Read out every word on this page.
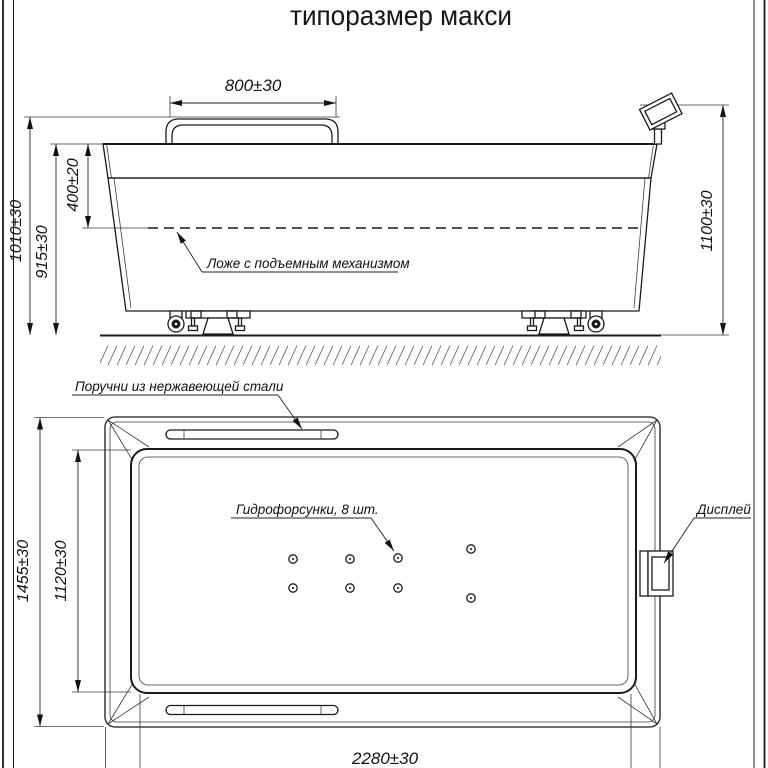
типоразмер макси
800±30
1010±30 915±30
400±20
1100±30
Ложе с подъемным механизмом
1455±30 1120±30
2280±30
Поручни из нержавеющей стали
Гидрофорсунки, 8 шт.	Дисплей
